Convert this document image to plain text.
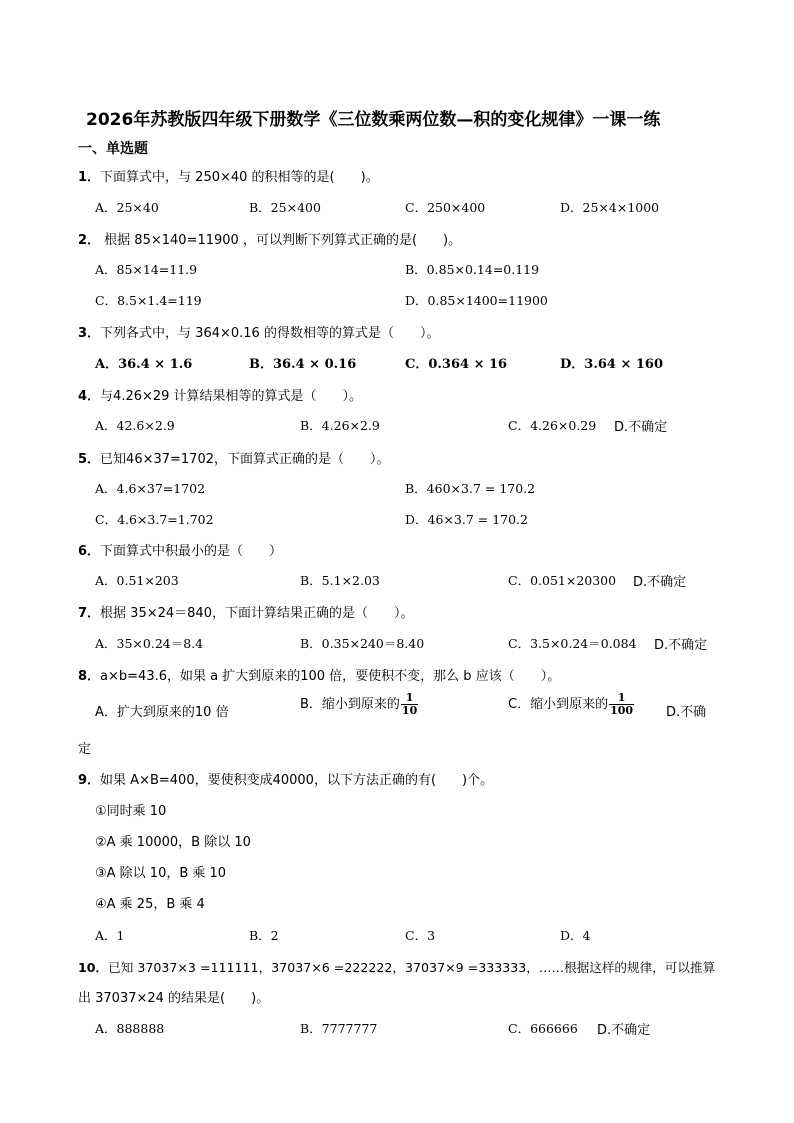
2026年苏教版四年级下册数学《三位数乘两位数—积的变化规律》一课一练
一、单选题
1．下面算式中，与 250×40 的积相等的是(　　)。
A．25×40	B．25×400	C．250×400	D．25×4×1000
2． 根据 85×140=11900 ，可以判断下列算式正确的是(　　)。
A．85×14=11.9	B．0.85×0.14=0.119
C．8.5×1.4=119	D．0.85×1400=11900
3．下列各式中，与 364×0.16 的得数相等的算式是（　　）。
A．36.4 × 1.6	B．36.4 × 0.16	C．0.364 × 16	D．3.64 × 160
4．与4.26×29 计算结果相等的算式是（　　）。
A．42.6×2.9	B．4.26×2.9	C．4.26×0.29 D.不确定
5．已知46×37=1702，下面算式正确的是（　　）。
A．4.6×37=1702	B．460×3.7 = 170.2
C．4.6×3.7=1.702	D．46×3.7 = 170.2
6．下面算式中积最小的是（　　）
A．0.51×203	B．5.1×2.03	C．0.051×20300 D.不确定
7．根据 35×24＝840，下面计算结果正确的是（　　）。
A．35×0.24＝8.4	B．0.35×240＝8.40	C．3.5×0.24＝0.084 D.不确定
8．a×b=43.6，如果 a 扩大到原来的100 倍，要使积不变，那么 b 应该（　　）。
A．扩大到原来的10 倍
B．缩小到原来的 $\frac{1}{10}$	C．缩小到原来的 $\frac{1}{100} D$.不确
定
9．如果 A×B=400，要使积变成40000，以下方法正确的有(　　)个。
①同时乘 10
②A 乘 10000，B 除以 10
③A 除以 10，B 乘 10
④A 乘 25，B 乘 4
A．1	B．2	C．3	D．4
10．已知 37037×3 =111111，37037×6 =222222，37037×9 =333333，……根据这样的规律，可以推算
出 37037×24 的结果是(　　)。
A．888888	B．7777777	C．666666 D.不确定
